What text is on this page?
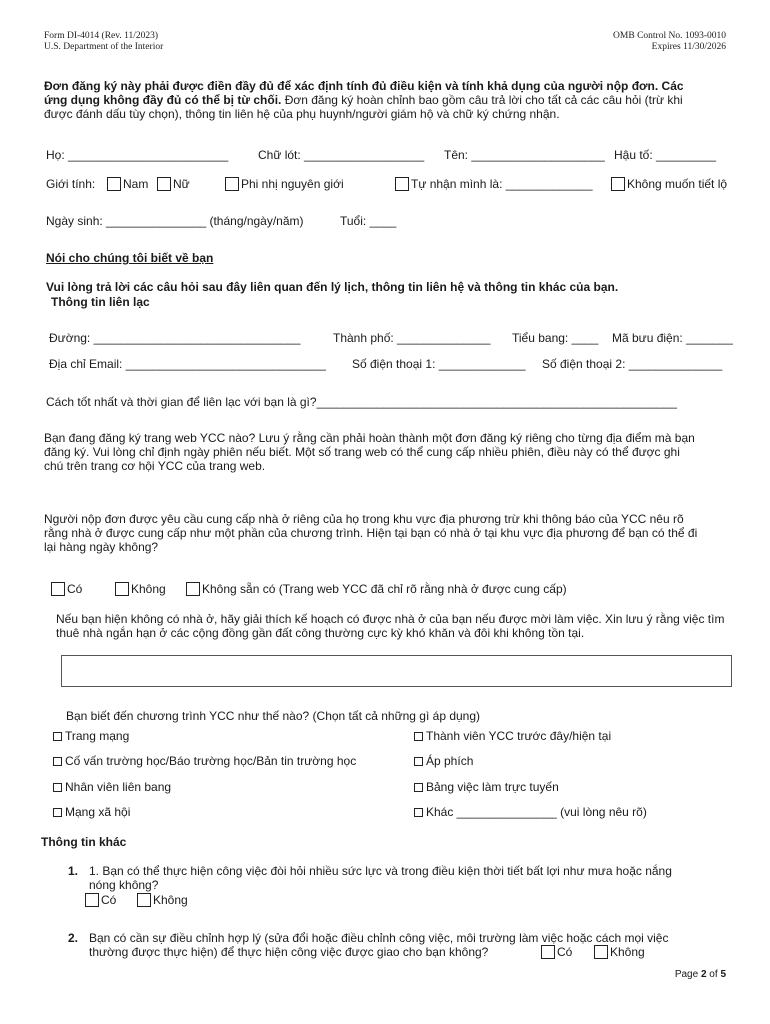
Form DI-4014 (Rev. 11/2023)
U.S. Department of the Interior
OMB Control No. 1093-0010
Expires 11/30/2026
Đơn đăng ký này phải được điền đầy đủ để xác định tính đủ điều kiện và tính khả dụng của người nộp đơn. Các
ứng dụng không đầy đủ có thể bị từ chối. Đơn đăng ký hoàn chỉnh bao gồm câu trả lời cho tất cả các câu hỏi (trừ khi
được đánh dấu tùy chọn), thông tin liên hệ của phụ huynh/người giám hộ và chữ ký chứng nhận.
Họ: ________________________ Chữ lót: __________________ Tên: ____________________ Hậu tố: _________
Giới tính:	Nam	Nữ	Phi nhị nguyên giới	Tự nhận mình là: _____________	Không muốn tiết lộ
Ngày sinh: _______________ (tháng/ngày/năm)	Tuổi: ____
Nói cho chúng tôi biết về bạn
Vui lòng trả lời các câu hỏi sau đây liên quan đến lý lịch, thông tin liên hệ và thông tin khác của bạn.
Thông tin liên lạc
Đường: _______________________________	Thành phố: ______________ Tiểu bang: ____ Mã bưu điện: _______
Địa chỉ Email: ______________________________ Số điện thoại 1: _____________ Số điện thoại 2: ______________
Cách tốt nhất và thời gian để liên lạc với bạn là gì?______________________________________________________
Bạn đang đăng ký trang web YCC nào? Lưu ý rằng cần phải hoàn thành một đơn đăng ký riêng cho từng địa điểm mà bạn
đăng ký. Vui lòng chỉ định ngày phiên nếu biết. Một số trang web có thể cung cấp nhiều phiên, điều này có thể được ghi
chú trên trang cơ hội YCC của trang web.
Người nộp đơn được yêu cầu cung cấp nhà ở riêng của họ trong khu vực địa phương trừ khi thông báo của YCC nêu rõ
rằng nhà ở được cung cấp như một phần của chương trình. Hiện tại bạn có nhà ở tại khu vực địa phương để bạn có thể đi
lại hàng ngày không?
Có	Không	Không sẵn có (Trang web YCC đã chỉ rõ rằng nhà ở được cung cấp)
Nếu bạn hiện không có nhà ở, hãy giải thích kế hoạch có được nhà ở của bạn nếu được mời làm việc. Xin lưu ý rằng việc tìm
thuê nhà ngắn hạn ở các cộng đồng gần đất công thường cực kỳ khó khăn và đôi khi không tồn tại.
Bạn biết đến chương trình YCC như thế nào? (Chọn tất cả những gì áp dụng)
Trang mạng	Thành viên YCC trước đây/hiện tại
Cố vấn trường học/Báo trường học/Bản tin trường học	Áp phích
Nhân viên liên bang	Bảng việc làm trực tuyến
Mạng xã hội	Khác _______________ (vui lòng nêu rõ)
Thông tin khác
1. 1. Bạn có thể thực hiện công việc đòi hỏi nhiều sức lực và trong điều kiện thời tiết bất lợi như mưa hoặc nắng
nóng không?
Có	Không
2. Bạn có cần sự điều chỉnh hợp lý (sửa đổi hoặc điều chỉnh công việc, môi trường làm việc hoặc cách mọi việc
thường được thực hiện) để thực hiện công việc được giao cho bạn không?	Có	Không
Page 2 of 5
